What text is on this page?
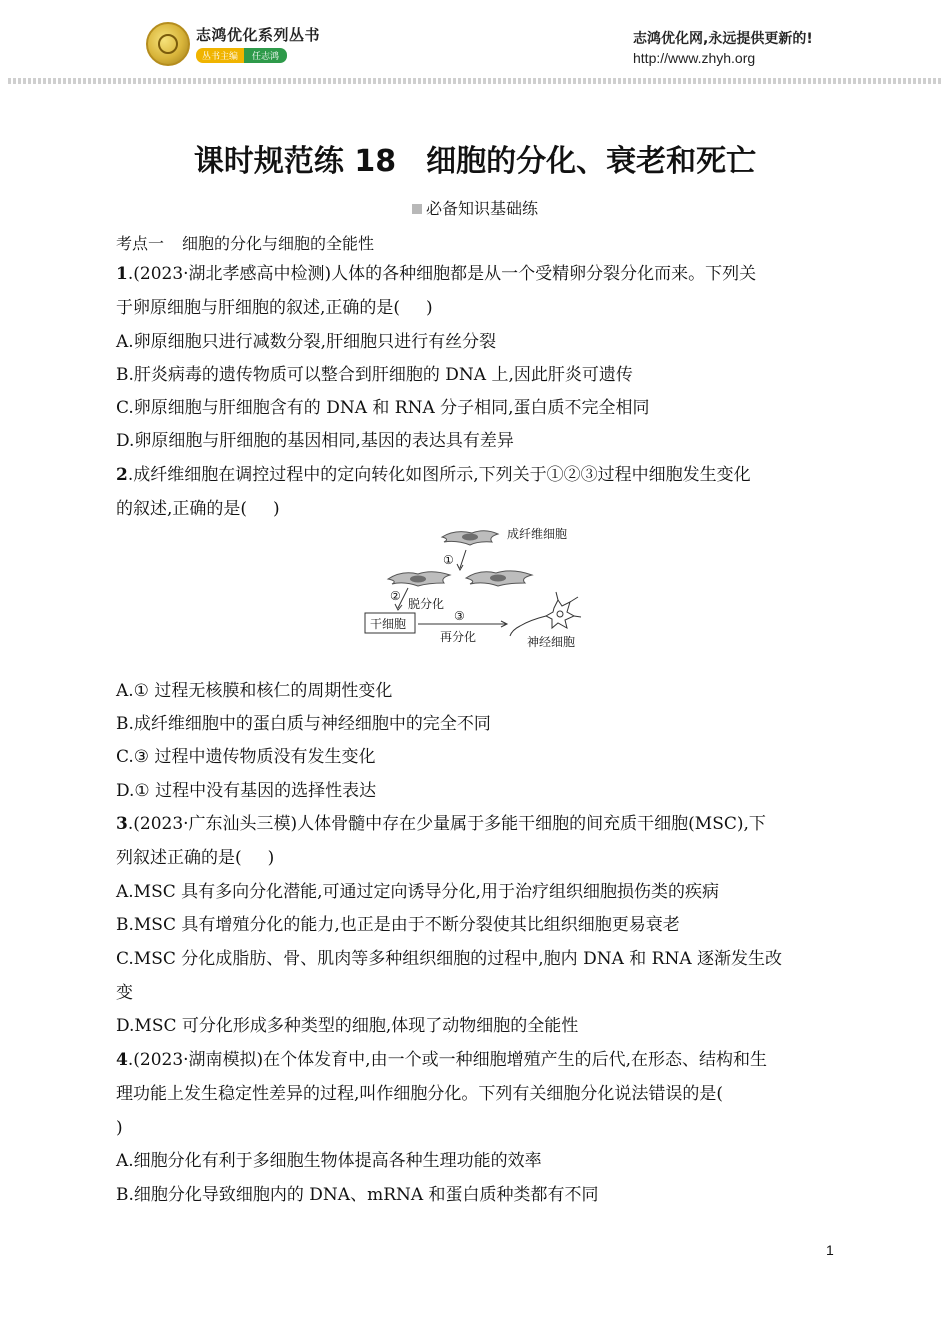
志鸿优化系列丛书
丛书主编 任志鸿
志鸿优化网,永远提供更新的!
http://www.zhyh.org
课时规范练 18　细胞的分化、衰老和死亡
必备知识基础练
考点一 细胞的分化与细胞的全能性
1.(2023·湖北孝感高中检测)人体的各种细胞都是从一个受精卵分裂分化而来。下列关
于卵原细胞与肝细胞的叙述,正确的是( )
A.卵原细胞只进行减数分裂,肝细胞只进行有丝分裂
B.肝炎病毒的遗传物质可以整合到肝细胞的 DNA 上,因此肝炎可遗传
C.卵原细胞与肝细胞含有的 DNA 和 RNA 分子相同,蛋白质不完全相同
D.卵原细胞与肝细胞的基因相同,基因的表达具有差异
2.成纤维细胞在调控过程中的定向转化如图所示,下列关于①②③过程中细胞发生变化
的叙述,正确的是( )
成纤维细胞
①
②
脱分化
干细胞
③
再分化	神经细胞
A.① 过程无核膜和核仁的周期性变化
B.成纤维细胞中的蛋白质与神经细胞中的完全不同
C.③ 过程中遗传物质没有发生变化
D.① 过程中没有基因的选择性表达
3.(2023·广东汕头三模)人体骨髓中存在少量属于多能干细胞的间充质干细胞(MSC),下
列叙述正确的是( )
A.MSC 具有多向分化潜能,可通过定向诱导分化,用于治疗组织细胞损伤类的疾病
B.MSC 具有增殖分化的能力,也正是由于不断分裂使其比组织细胞更易衰老
C.MSC 分化成脂肪、骨、肌肉等多种组织细胞的过程中,胞内 DNA 和 RNA 逐渐发生改
变
D.MSC 可分化形成多种类型的细胞,体现了动物细胞的全能性
4.(2023·湖南模拟)在个体发育中,由一个或一种细胞增殖产生的后代,在形态、结构和生
理功能上发生稳定性差异的过程,叫作细胞分化。下列有关细胞分化说法错误的是(
)
A.细胞分化有利于多细胞生物体提高各种生理功能的效率
B.细胞分化导致细胞内的 DNA、mRNA 和蛋白质种类都有不同
1
